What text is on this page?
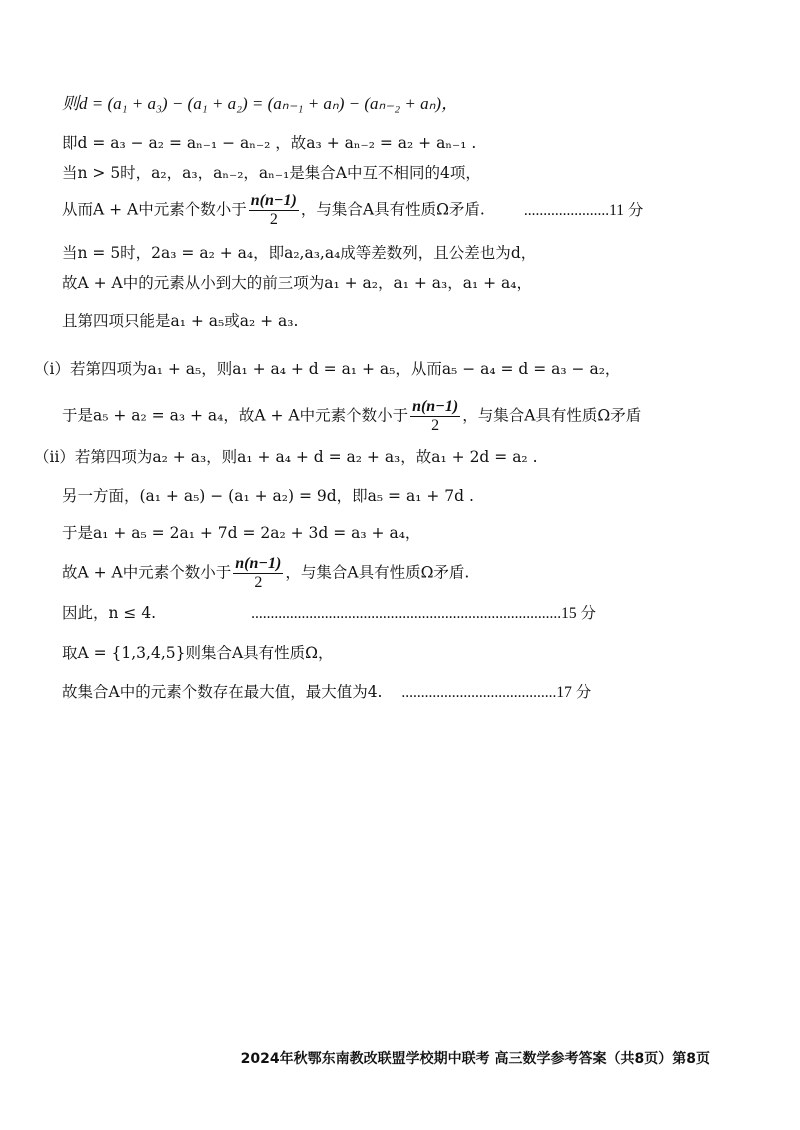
则d = (a₁ + a₃) − (a₁ + a₂) = (aₙ₋₁ + aₙ) − (aₙ₋₂ + aₙ)，
即d = a₃ − a₂ = aₙ₋₁ − aₙ₋₂ ，故a₃ + aₙ₋₂ = a₂ + aₙ₋₁ .
当n > 5时，a₂，a₃，aₙ₋₂，aₙ₋₁是集合A中互不相同的4项，
从而A + A中元素个数小于 $\frac{n(n-1)}{2}$ ，与集合A具有性质Ω矛盾.	......................11 分
当n = 5时，2a₃ = a₂ + a₄，即a₂,a₃,a₄成等差数列，且公差也为d，
故A + A中的元素从小到大的前三项为a₁ + a₂，a₁ + a₃，a₁ + a₄，
且第四项只能是a₁ + a₅或a₂ + a₃.
（i）若第四项为a₁ + a₅，则a₁ + a₄ + d = a₁ + a₅，从而a₅ − a₄ = d = a₃ − a₂，
于是a₅ + a₂ = a₃ + a₄，故A + A中元素个数小于 $\frac{n(n-1)}{2}$ ，与集合A具有性质Ω矛盾
（ii）若第四项为a₂ + a₃，则a₁ + a₄ + d = a₂ + a₃，故a₁ + 2d = a₂ .
另一方面，(a₁ + a₅) − (a₁ + a₂) = 9d，即a₅ = a₁ + 7d .
于是a₁ + a₅ = 2a₁ + 7d = 2a₂ + 3d = a₃ + a₄，
故A + A中元素个数小于 $\frac{n(n-1)}{2}$ ，与集合A具有性质Ω矛盾.
因此，n ≤ 4.	................................................................................15 分
取A = {1,3,4,5}则集合A具有性质Ω，
故集合A中的元素个数存在最大值，最大值为4. ........................................17 分
2024年秋鄂东南教改联盟学校期中联考 高三数学参考答案（共8页）第8页
